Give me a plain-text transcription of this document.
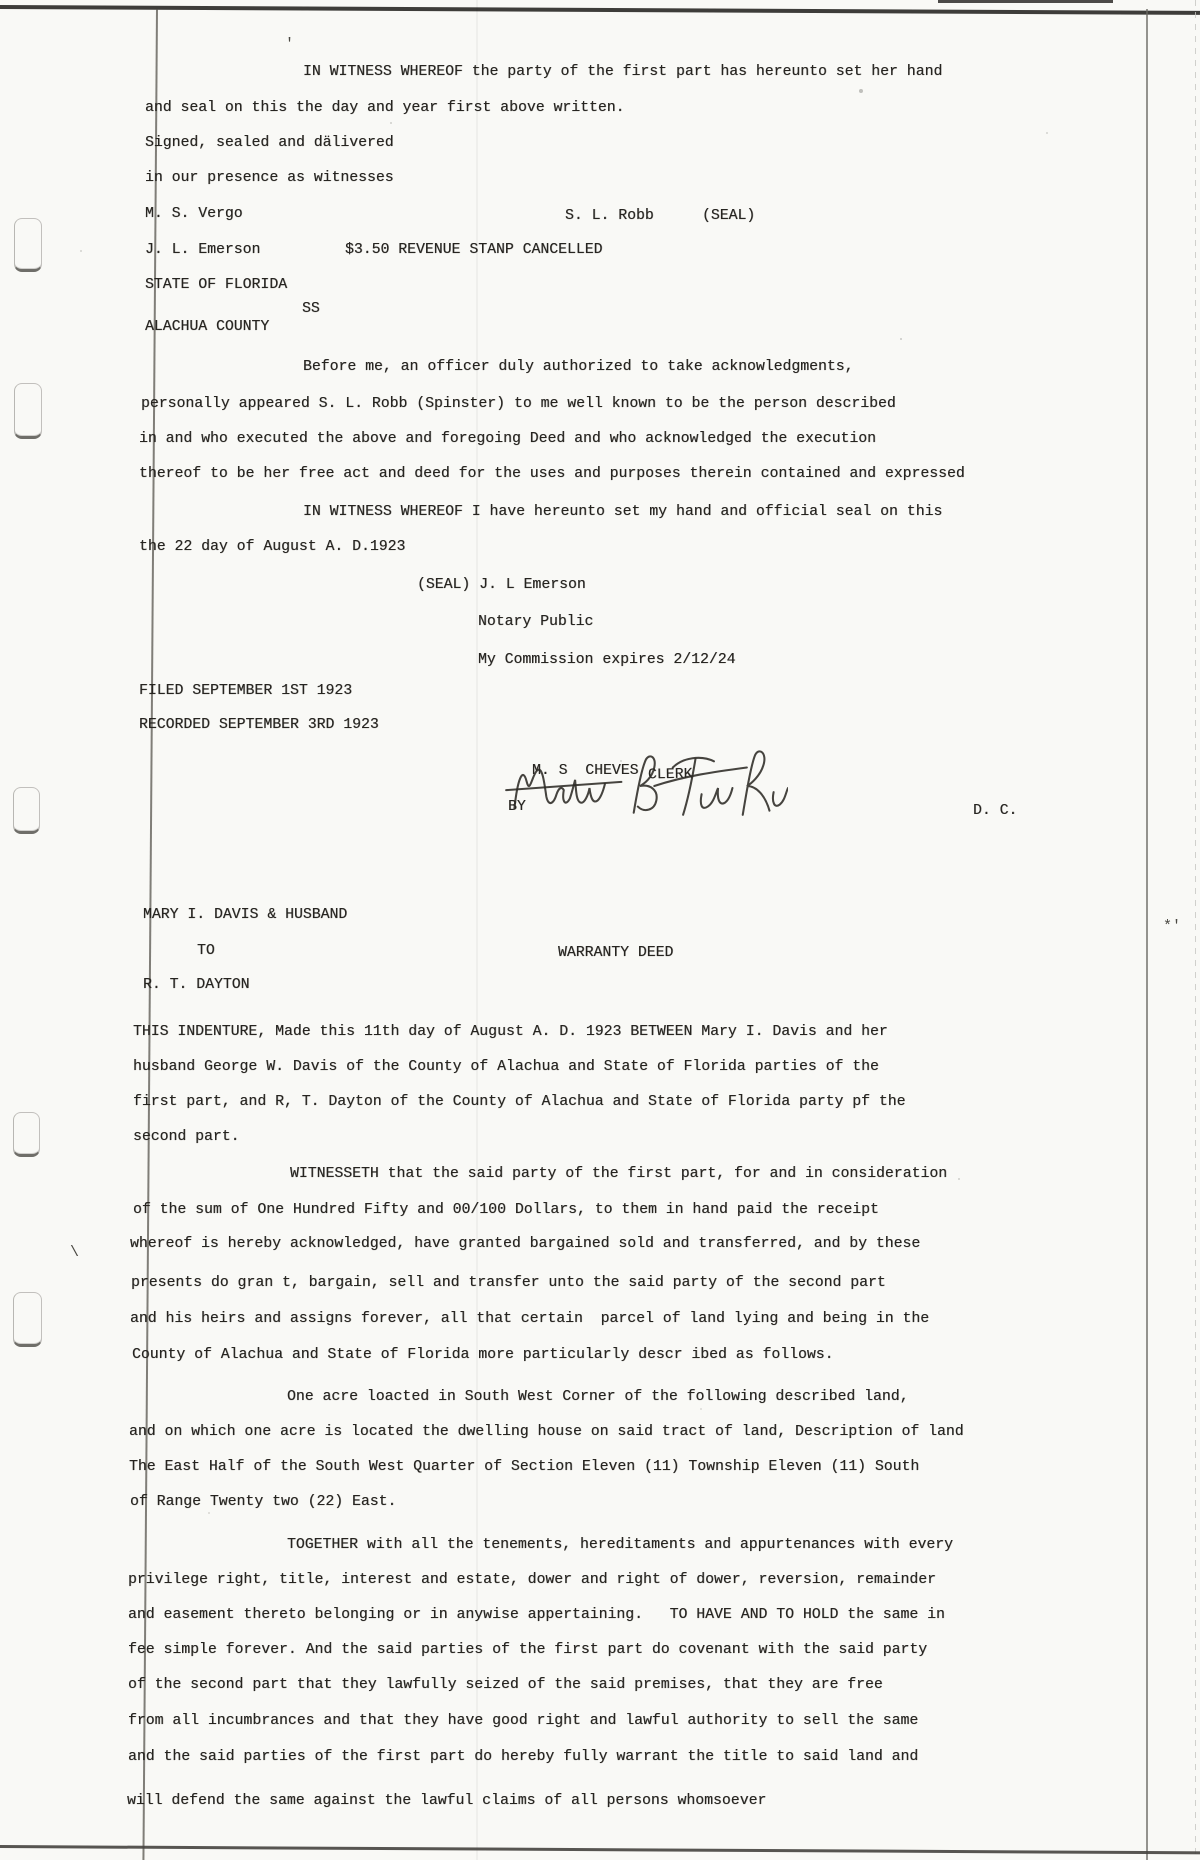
IN WITNESS WHEREOF the party of the first part has hereunto set her hand
and seal on this the day and year first above written.
Signed, sealed and dälivered
in our presence as witnesses
M. S. Vergo	S. L. Robb	(SEAL)
J. L. Emerson	$3.50 REVENUE STANP CANCELLED
STATE OF FLORIDA
SS
ALACHUA COUNTY
Before me, an officer duly authorized to take acknowledgments,
personally appeared S. L. Robb (Spinster) to me well known to be the person described
in and who executed the above and foregoing Deed and who acknowledged the execution
thereof to be her free act and deed for the uses and purposes therein contained and expressed
IN WITNESS WHEREOF I have hereunto set my hand and official seal on this
the 22 day of August A. D.1923
(SEAL) J. L Emerson
Notary Public
My Commission expires 2/12/24
FILED SEPTEMBER 1ST 1923
RECORDED SEPTEMBER 3RD 1923
MARY I. DAVIS & HUSBAND
TO	WARRANTY DEED
R. T. DAYTON
THIS INDENTURE, Made this 11th day of August A. D. 1923 BETWEEN Mary I. Davis and her
husband George W. Davis of the County of Alachua and State of Florida parties of the
first part, and R, T. Dayton of the County of Alachua and State of Florida party pf the
second part.
WITNESSETH that the said party of the first part, for and in consideration
of the sum of One Hundred Fifty and 00/100 Dollars, to them in hand paid the receipt
whereof is hereby acknowledged, have granted bargained sold and transferred, and by these
presents do gran t, bargain, sell and transfer unto the said party of the second part
and his heirs and assigns forever, all that certain  parcel of land lying and being in the
County of Alachua and State of Florida more particularly descr ibed as follows.
One acre loacted in South West Corner of the following described land,
and on which one acre is located the dwelling house on said tract of land, Description of land
The East Half of the South West Quarter of Section Eleven (11) Township Eleven (11) South
of Range Twenty two (22) East.
TOGETHER with all the tenements, hereditaments and appurtenances with every
privilege right, title, interest and estate, dower and right of dower, reversion, remainder
and easement thereto belonging or in anywise appertaining.   TO HAVE AND TO HOLD the same in
fee simple forever. And the said parties of the first part do covenant with the said party
of the second part that they lawfully seized of the said premises, that they are free
from all incumbrances and that they have good right and lawful authority to sell the same
and the said parties of the first part do hereby fully warrant the title to said land and
will defend the same against the lawful claims of all persons whomsoever
'
\
*'
M. S  CHEVES CLERK
BY	D. C.
